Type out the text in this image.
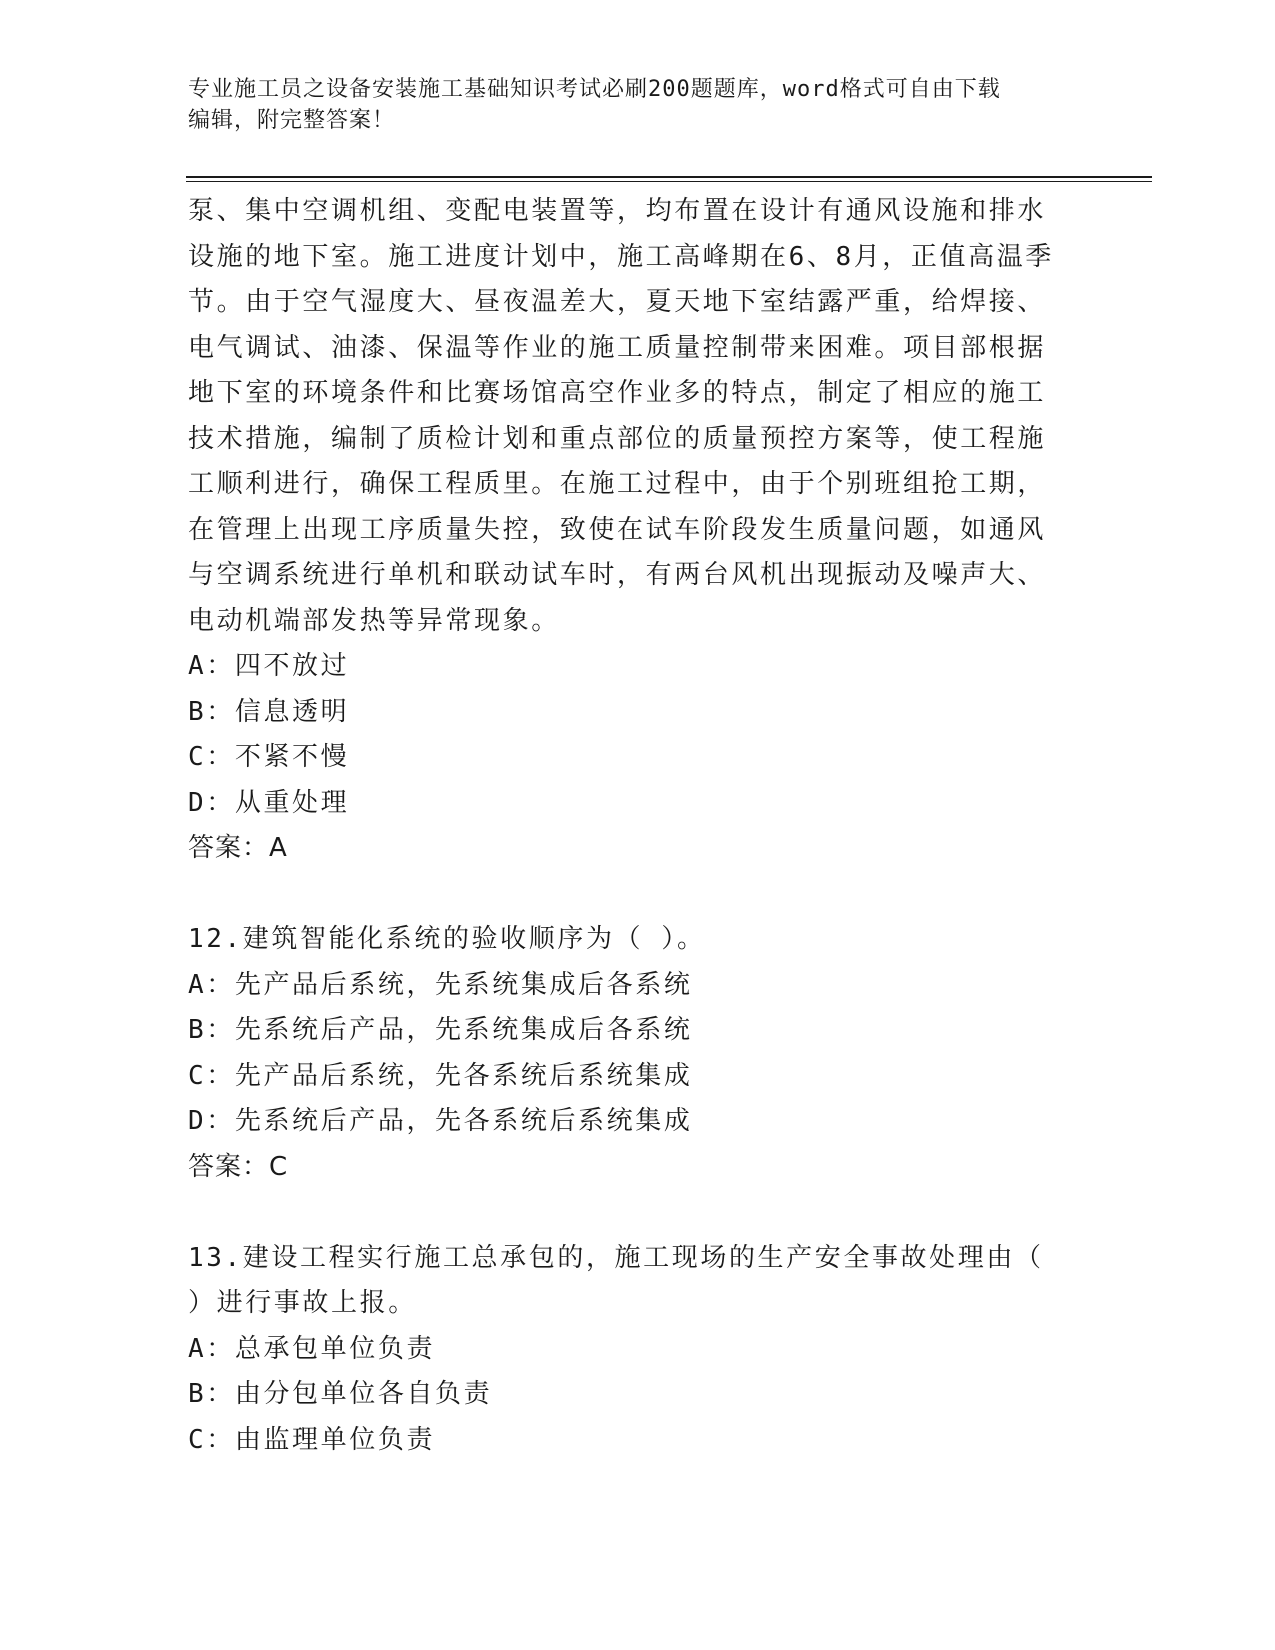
专业施工员之设备安装施工基础知识考试必刷200题题库，word格式可自由下载
编辑，附完整答案！
泵、集中空调机组、变配电装置等，均布置在设计有通风设施和排水
设施的地下室。施工进度计划中，施工高峰期在6、8月，正值高温季
节。由于空气湿度大、昼夜温差大，夏天地下室结露严重，给焊接、
电气调试、油漆、保温等作业的施工质量控制带来困难。项目部根据
地下室的环境条件和比赛场馆高空作业多的特点，制定了相应的施工
技术措施，编制了质检计划和重点部位的质量预控方案等，使工程施
工顺利进行，确保工程质里。在施工过程中，由于个别班组抢工期，
在管理上出现工序质量失控，致使在试车阶段发生质量问题，如通风
与空调系统进行单机和联动试车时，有两台风机出现振动及噪声大、
电动机端部发热等异常现象。
A：四不放过
B：信息透明
C：不紧不慢
D：从重处理
答案：A
12.建筑智能化系统的验收顺序为（ ）。
A：先产品后系统，先系统集成后各系统
B：先系统后产品，先系统集成后各系统
C：先产品后系统，先各系统后系统集成
D：先系统后产品，先各系统后系统集成
答案：C
13.建设工程实行施工总承包的，施工现场的生产安全事故处理由（
）进行事故上报。
A：总承包单位负责
B：由分包单位各自负责
C：由监理单位负责
